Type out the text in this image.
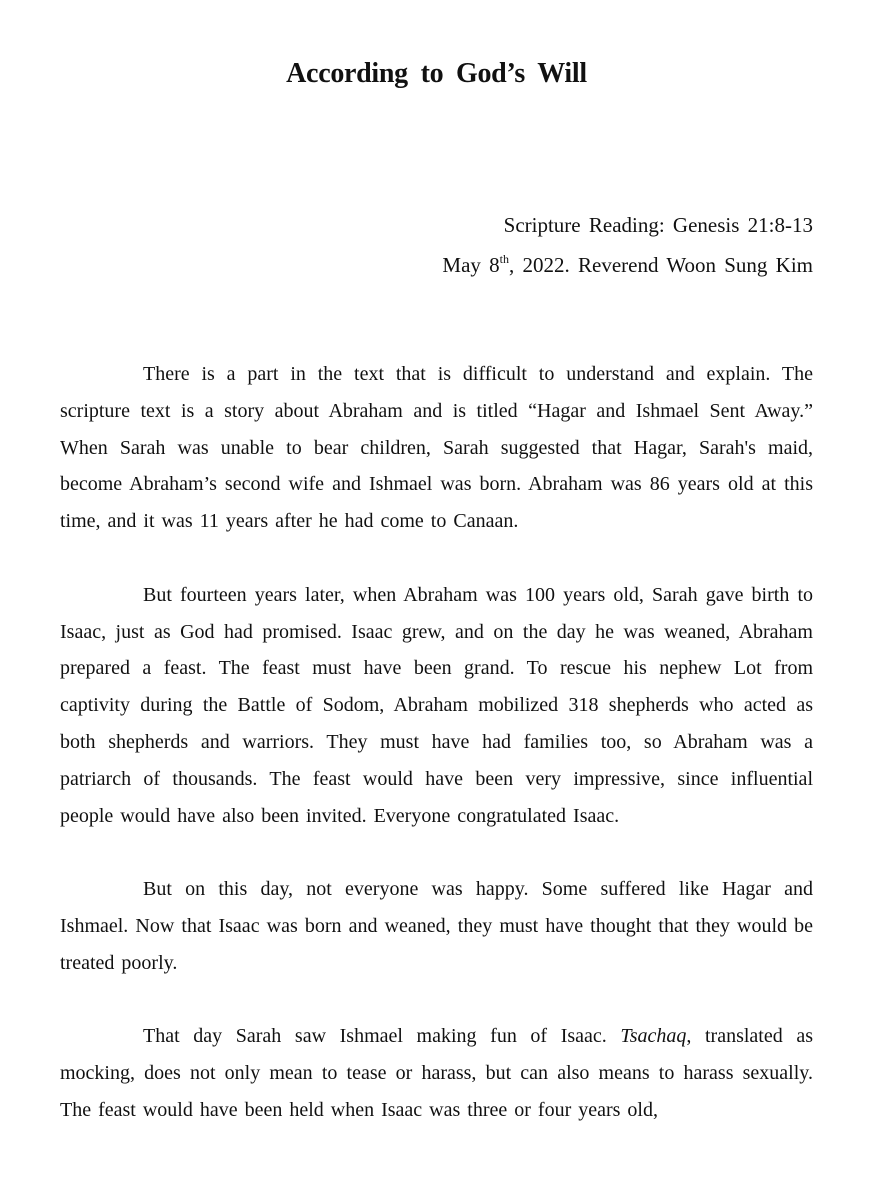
According to God’s Will
Scripture Reading: Genesis 21:8-13
May 8th, 2022. Reverend Woon Sung Kim

There is a part in the text that is difficult to understand and explain. The scripture text is a story about Abraham and is titled “Hagar and Ishmael Sent Away.” When Sarah was unable to bear children, Sarah suggested that Hagar, Sarah's maid, become Abraham’s second wife and Ishmael was born. Abraham was 86 years old at this time, and it was 11 years after he had come to Canaan.

But fourteen years later, when Abraham was 100 years old, Sarah gave birth to Isaac, just as God had promised. Isaac grew, and on the day he was weaned, Abraham prepared a feast. The feast must have been grand. To rescue his nephew Lot from captivity during the Battle of Sodom, Abraham mobilized 318 shepherds who acted as both shepherds and warriors. They must have had families too, so Abraham was a patriarch of thousands. The feast would have been very impressive, since influential people would have also been invited. Everyone congratulated Isaac.

But on this day, not everyone was happy. Some suffered like Hagar and Ishmael. Now that Isaac was born and weaned, they must have thought that they would be treated poorly.

That day Sarah saw Ishmael making fun of Isaac. Tsachaq, translated as mocking, does not only mean to tease or harass, but can also means to harass sexually. The feast would have been held when Isaac was three or four years old,
